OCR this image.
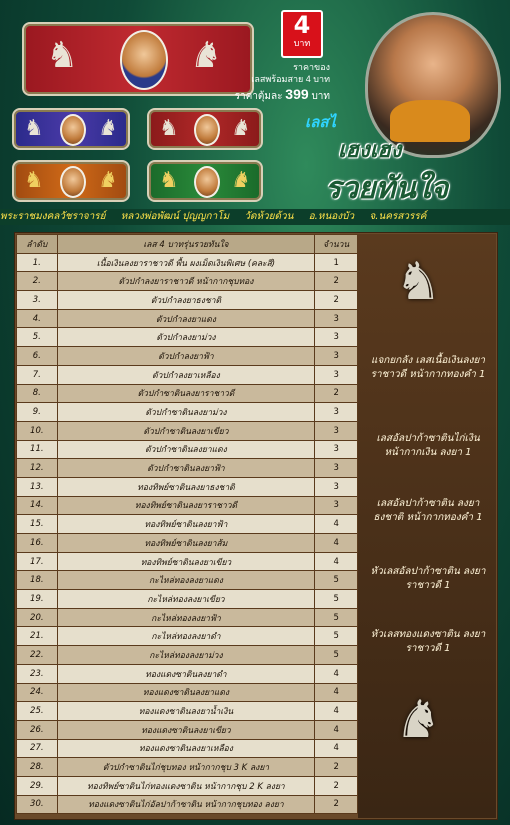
♞	♞
♞ ♞ ♞ ♞
♞ ♞ ♞ ♞
4
บาท
ราคาของ
เลสพร้อมสาย 4 บาท
ราคาตุ้มละ 399 บาท
เลสไ
เฮงเฮง
รวยทันใจ
พระราชมงคลวัชราจารย์ หลวงพ่อพัฒน์ ปุญญกาโม วัดห้วยด้วน อ.หนองบัว จ.นครสวรรค์
ลำดับ	เลส 4 บาทรุ่นรวยทันใจ	จำนวน
1.	เนื้อเงินลงยาราชาวดี พื้น ผงเม็ดเงินพิเศษ (คละสี)	1
2.	ตัวปกำลงยาราชาวดี หน้ากากชุบทอง	2
3.	ตัวปกำลงยาธงชาติ	2
4.	ตัวปกำลงยาแดง	3
5.	ตัวปกำลงยาม่วง	3
6.	ตัวปกำลงยาฟ้า	3
7.	ตัวปกำลงยาเหลือง	3
8.	ตัวปกำซาตินลงยาราชาวดี	2
9.	ตัวปกำซาตินลงยาม่วง	3
10.	ตัวปกำซาตินลงยาเขียว	3
11.	ตัวปกำซาตินลงยาแดง	3
12.	ตัวปกำซาตินลงยาฟ้า	3
13.	ทองทิพย์ซาตินลงยาธงชาติ	3
14.	ทองทิพย์ซาตินลงยาราชาวดี	3
15.	ทองทิพย์ซาตินลงยาฟ้า	4
16.	ทองทิพย์ซาตินลงยาส้ม	4
17.	ทองทิพย์ซาตินลงยาเขียว	4
18.	กะไหล่ทองลงยาแดง	5
19.	กะไหล่ทองลงยาเขียว	5
20.	กะไหล่ทองลงยาฟ้า	5
21.	กะไหล่ทองลงยาดำ	5
22.	กะไหล่ทองลงยาม่วง	5
23.	ทองแดงซาตินลงยาดำ	4
24.	ทองแดงซาตินลงยาแดง	4
25.	ทองแดงซาตินลงยาน้ำเงิน	4
26.	ทองแดงซาตินลงยาเขียว	4
27.	ทองแดงซาตินลงยาเหลือง	4
28.	ตัวปกำซาตินไก่ชุบทอง หน้ากากชุบ 3 K ลงยา	2
29.	ทองทิพย์ซาตินไก่ทองแดงซาติน หน้ากากชุบ 2 K ลงยา	2
30.	ทองแดงซาตินไก่อัลปาก้าซาติน หน้ากากชุบทอง ลงยา	2
♞
แจกยกลัง เลสเนื้อเงินลงยาราชาวดี หน้ากากทองคำ 1
เลสอัลปาก้าซาตินไก่เงิน หน้ากากเงิน ลงยา 1
เลสอัลปาก้าซาติน ลงยา ธงชาติ หน้ากากทองคำ 1
หัวเลสอัลปาก้าซาติน ลงยาราชาวดี 1
หัวเลสทองแดงซาติน ลงยาราชาวดี 1
♞
